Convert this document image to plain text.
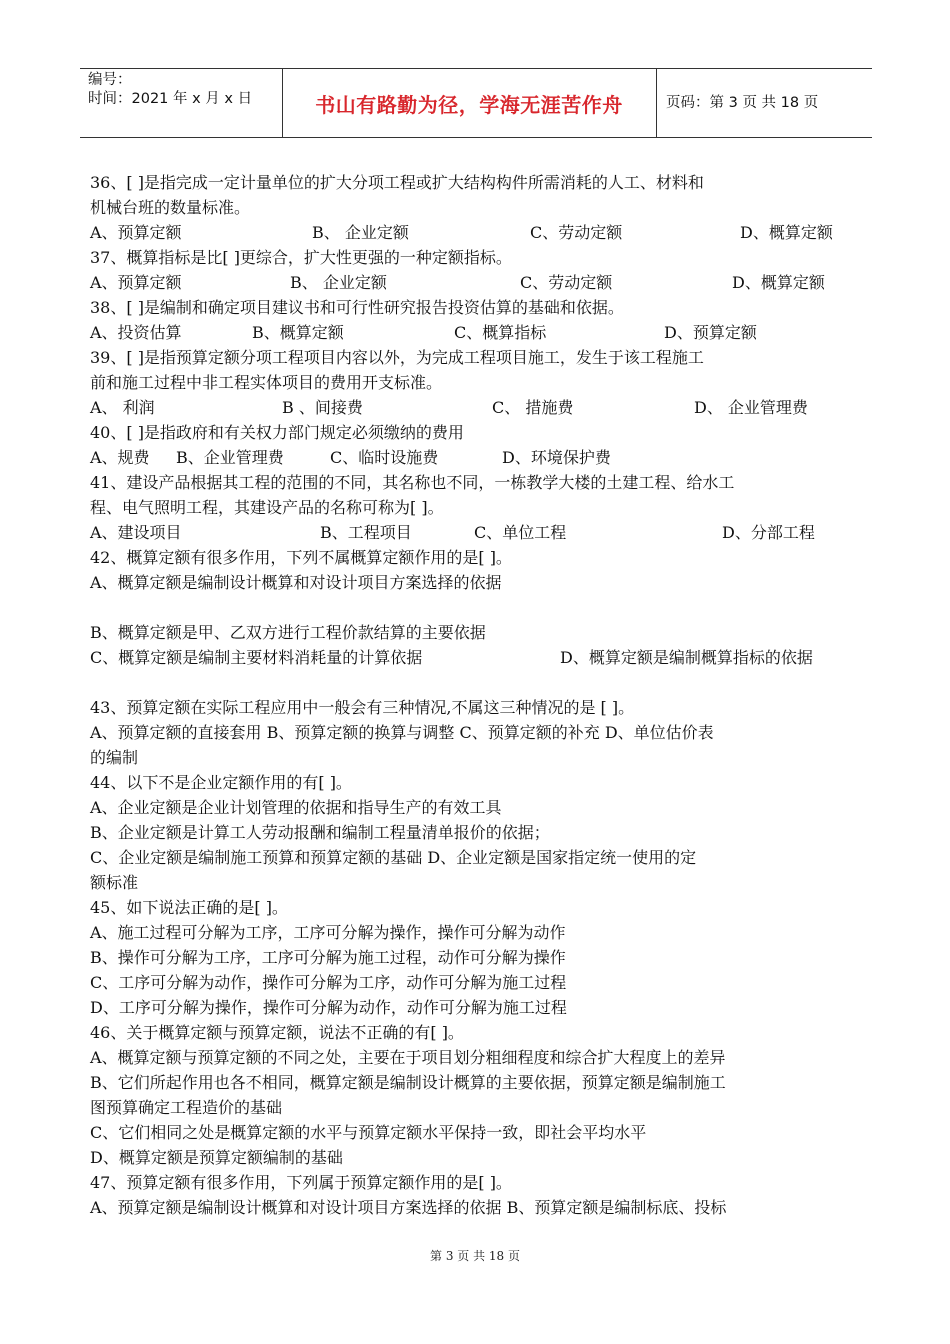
编号：
时间：2021 年 x 月 x 日	书山有路勤为径，学海无涯苦作舟	页码：第 3 页 共 18 页
36、[ ]是指完成一定计量单位的扩大分项工程或扩大结构构件所需消耗的人工、材料和
机械台班的数量标准。
A、预算定额	B、 企业定额	C、劳动定额	D、概算定额
37、概算指标是比[ ]更综合，扩大性更强的一种定额指标。
A、预算定额	B、 企业定额	C、劳动定额	D、概算定额
38、[ ]是编制和确定项目建议书和可行性研究报告投资估算的基础和依据。
A、投资估算	B、概算定额	C、概算指标	D、预算定额
39、[ ]是指预算定额分项工程项目内容以外，为完成工程项目施工，发生于该工程施工
前和施工过程中非工程实体项目的费用开支标准。
A、 利润	B 、间接费	C、 措施费	D、 企业管理费
40、[ ]是指政府和有关权力部门规定必须缴纳的费用
A、规费 B、企业管理费	C、临时设施费	D、环境保护费
41、建设产品根据其工程的范围的不同，其名称也不同，一栋教学大楼的土建工程、给水工
程、电气照明工程，其建设产品的名称可称为[ ]。
A、建设项目	B、工程项目	C、单位工程	D、分部工程
42、概算定额有很多作用，下列不属概算定额作用的是[ ]。
A、概算定额是编制设计概算和对设计项目方案选择的依据
B、概算定额是甲、乙双方进行工程价款结算的主要依据
C、概算定额是编制主要材料消耗量的计算依据	D、概算定额是编制概算指标的依据
43、预算定额在实际工程应用中一般会有三种情况,不属这三种情况的是 [ ]。
A、预算定额的直接套用 B、预算定额的换算与调整 C、预算定额的补充 D、单位估价表
的编制
44、以下不是企业定额作用的有[ ]。
A、企业定额是企业计划管理的依据和指导生产的有效工具
B、企业定额是计算工人劳动报酬和编制工程量清单报价的依据；
C、企业定额是编制施工预算和预算定额的基础 D、企业定额是国家指定统一使用的定
额标准
45、如下说法正确的是[ ]。
A、施工过程可分解为工序，工序可分解为操作，操作可分解为动作
B、操作可分解为工序，工序可分解为施工过程，动作可分解为操作
C、工序可分解为动作，操作可分解为工序，动作可分解为施工过程
D、工序可分解为操作，操作可分解为动作，动作可分解为施工过程
46、关于概算定额与预算定额，说法不正确的有[ ]。
A、概算定额与预算定额的不同之处，主要在于项目划分粗细程度和综合扩大程度上的差异
B、它们所起作用也各不相同，概算定额是编制设计概算的主要依据，预算定额是编制施工
图预算确定工程造价的基础
C、它们相同之处是概算定额的水平与预算定额水平保持一致，即社会平均水平
D、概算定额是预算定额编制的基础
47、预算定额有很多作用，下列属于预算定额作用的是[ ]。
A、预算定额是编制设计概算和对设计项目方案选择的依据 B、预算定额是编制标底、投标
第 3 页 共 18 页
